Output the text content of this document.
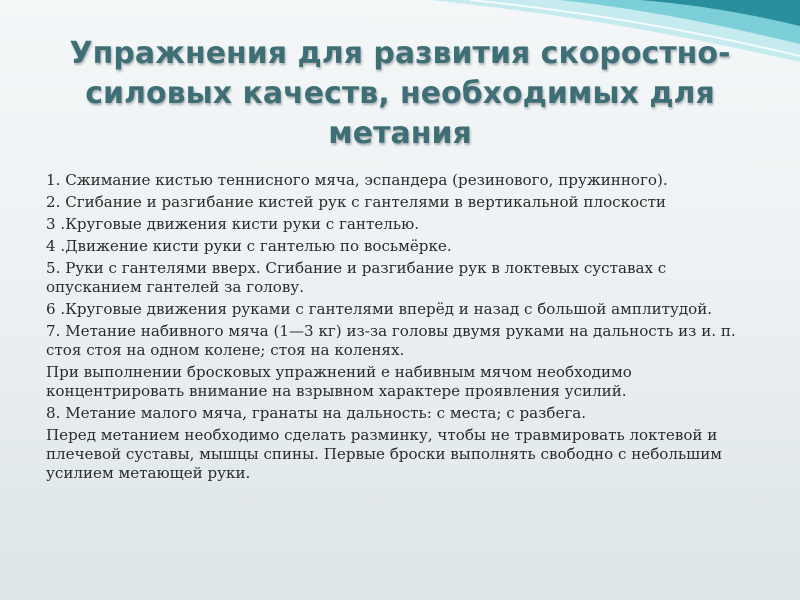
Упражнения для развития скоростно-силовых качеств, необходимых для метания
1. Сжимание кистью теннисного мяча, эспандера (резинового, пружинного).
2. Сгибание и разгибание кистей рук с гантелями в вертикальной плоскости
3 .Круговые движения кисти руки с гантелью.
4 .Движение кисти руки с гантелью по восьмёрке.
5. Руки с гантелями вверх. Сгибание и разгибание рук в локтевых суставах с опусканием гантелей за голову.
6 .Круговые движения руками с гантелями вперёд и назад с большой амплитудой.
7. Метание набивного мяча (1—3 кг) из-за головы двумя руками на дальность из и. п. стоя стоя на одном колене; стоя на коленях.
При выполнении бросковых упражнений е набивным мячом необходимо концентрировать внимание на взрывном характере проявления усилий.
8. Метание малого мяча, гранаты на дальность: с места; с разбега.
Перед метанием необходимо сделать разминку, чтобы не травмировать локтевой и плечевой суставы, мышцы спины. Первые броски выполнять свободно с небольшим усилием метающей руки.
